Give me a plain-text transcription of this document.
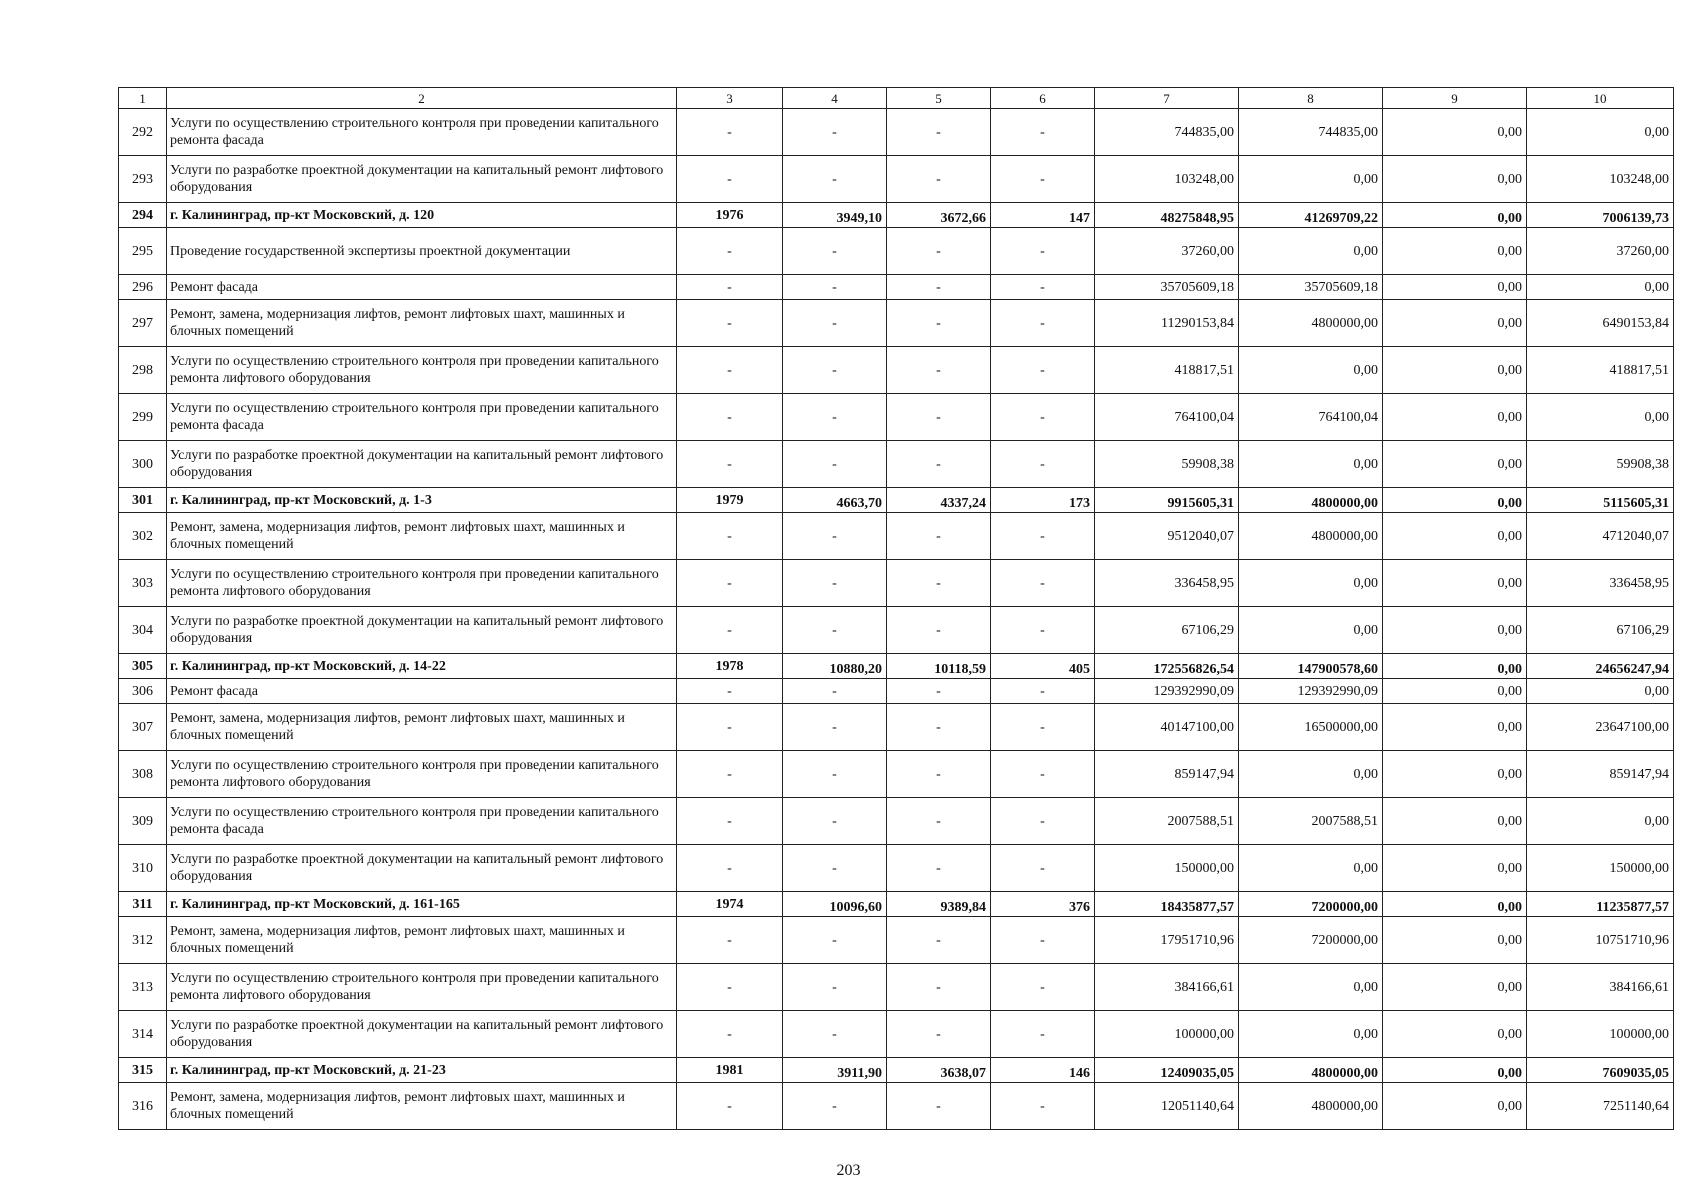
1	2	3	4	5	6	7	8	9	10
292	Услуги по осуществлению строительного контроля при проведении капитального ремонта фасада	-	-	-	-	744835,00	744835,00	0,00	0,00
293	Услуги по разработке проектной документации на капитальный ремонт лифтового оборудования	-	-	-	-	103248,00	0,00	0,00	103248,00
294	г. Калининград, пр-кт Московский, д. 120	1976	3949,10	3672,66	147	48275848,95	41269709,22	0,00	7006139,73
295	Проведение государственной экспертизы проектной документации	-	-	-	-	37260,00	0,00	0,00	37260,00
296	Ремонт фасада	-	-	-	-	35705609,18	35705609,18	0,00	0,00
297	Ремонт, замена, модернизация лифтов, ремонт лифтовых шахт, машинных и блочных помещений	-	-	-	-	11290153,84	4800000,00	0,00	6490153,84
298	Услуги по осуществлению строительного контроля при проведении капитального ремонта лифтового оборудования	-	-	-	-	418817,51	0,00	0,00	418817,51
299	Услуги по осуществлению строительного контроля при проведении капитального ремонта фасада	-	-	-	-	764100,04	764100,04	0,00	0,00
300	Услуги по разработке проектной документации на капитальный ремонт лифтового оборудования	-	-	-	-	59908,38	0,00	0,00	59908,38
301	г. Калининград, пр-кт Московский, д. 1-3	1979	4663,70	4337,24	173	9915605,31	4800000,00	0,00	5115605,31
302	Ремонт, замена, модернизация лифтов, ремонт лифтовых шахт, машинных и блочных помещений	-	-	-	-	9512040,07	4800000,00	0,00	4712040,07
303	Услуги по осуществлению строительного контроля при проведении капитального ремонта лифтового оборудования	-	-	-	-	336458,95	0,00	0,00	336458,95
304	Услуги по разработке проектной документации на капитальный ремонт лифтового оборудования	-	-	-	-	67106,29	0,00	0,00	67106,29
305	г. Калининград, пр-кт Московский, д. 14-22	1978	10880,20	10118,59	405	172556826,54	147900578,60	0,00	24656247,94
306	Ремонт фасада	-	-	-	-	129392990,09	129392990,09	0,00	0,00
307	Ремонт, замена, модернизация лифтов, ремонт лифтовых шахт, машинных и блочных помещений	-	-	-	-	40147100,00	16500000,00	0,00	23647100,00
308	Услуги по осуществлению строительного контроля при проведении капитального ремонта лифтового оборудования	-	-	-	-	859147,94	0,00	0,00	859147,94
309	Услуги по осуществлению строительного контроля при проведении капитального ремонта фасада	-	-	-	-	2007588,51	2007588,51	0,00	0,00
310	Услуги по разработке проектной документации на капитальный ремонт лифтового оборудования	-	-	-	-	150000,00	0,00	0,00	150000,00
311	г. Калининград, пр-кт Московский, д. 161-165	1974	10096,60	9389,84	376	18435877,57	7200000,00	0,00	11235877,57
312	Ремонт, замена, модернизация лифтов, ремонт лифтовых шахт, машинных и блочных помещений	-	-	-	-	17951710,96	7200000,00	0,00	10751710,96
313	Услуги по осуществлению строительного контроля при проведении капитального ремонта лифтового оборудования	-	-	-	-	384166,61	0,00	0,00	384166,61
314	Услуги по разработке проектной документации на капитальный ремонт лифтового оборудования	-	-	-	-	100000,00	0,00	0,00	100000,00
315	г. Калининград, пр-кт Московский, д. 21-23	1981	3911,90	3638,07	146	12409035,05	4800000,00	0,00	7609035,05
316	Ремонт, замена, модернизация лифтов, ремонт лифтовых шахт, машинных и блочных помещений	-	-	-	-	12051140,64	4800000,00	0,00	7251140,64
203
